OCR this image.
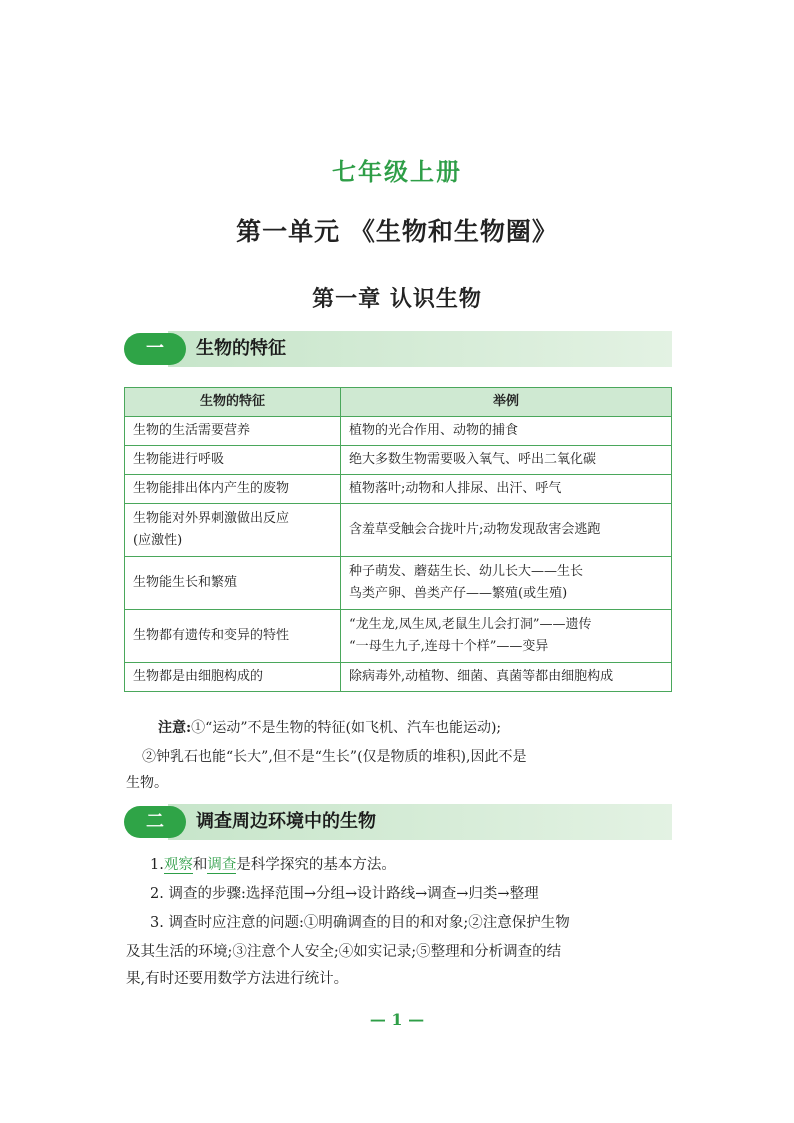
七年级上册
第一单元 《生物和生物圈》
第一章 认识生物
一	生物的特征
生物的特征	举例

生物的生活需要营养	植物的光合作用、动物的捕食

生物能进行呼吸	绝大多数生物需要吸入氧气、呼出二氧化碳

生物能排出体内产生的废物	植物落叶;动物和人排尿、出汗、呼气

生物能对外界刺激做出反应
(应激性)	含羞草受触会合拢叶片;动物发现敌害会逃跑

生物能生长和繁殖	种子萌发、蘑菇生长、幼儿长大——生长
鸟类产卵、兽类产仔——繁殖(或生殖)

生物都有遗传和变异的特性	“龙生龙,凤生凤,老鼠生儿会打洞”——遗传
“一母生九子,连母十个样”——变异

生物都是由细胞构成的	除病毒外,动植物、细菌、真菌等都由细胞构成
注意:①“运动”不是生物的特征(如飞机、汽车也能运动);
②钟乳石也能“长大”,但不是“生长”(仅是物质的堆积),因此不是
生物。
二	调查周边环境中的生物
1.观察和调查是科学探究的基本方法。
2. 调查的步骤:选择范围→分组→设计路线→调查→归类→整理
3. 调查时应注意的问题:①明确调查的目的和对象;②注意保护生物
及其生活的环境;③注意个人安全;④如实记录;⑤整理和分析调查的结
果,有时还要用数学方法进行统计。
— 1 —
